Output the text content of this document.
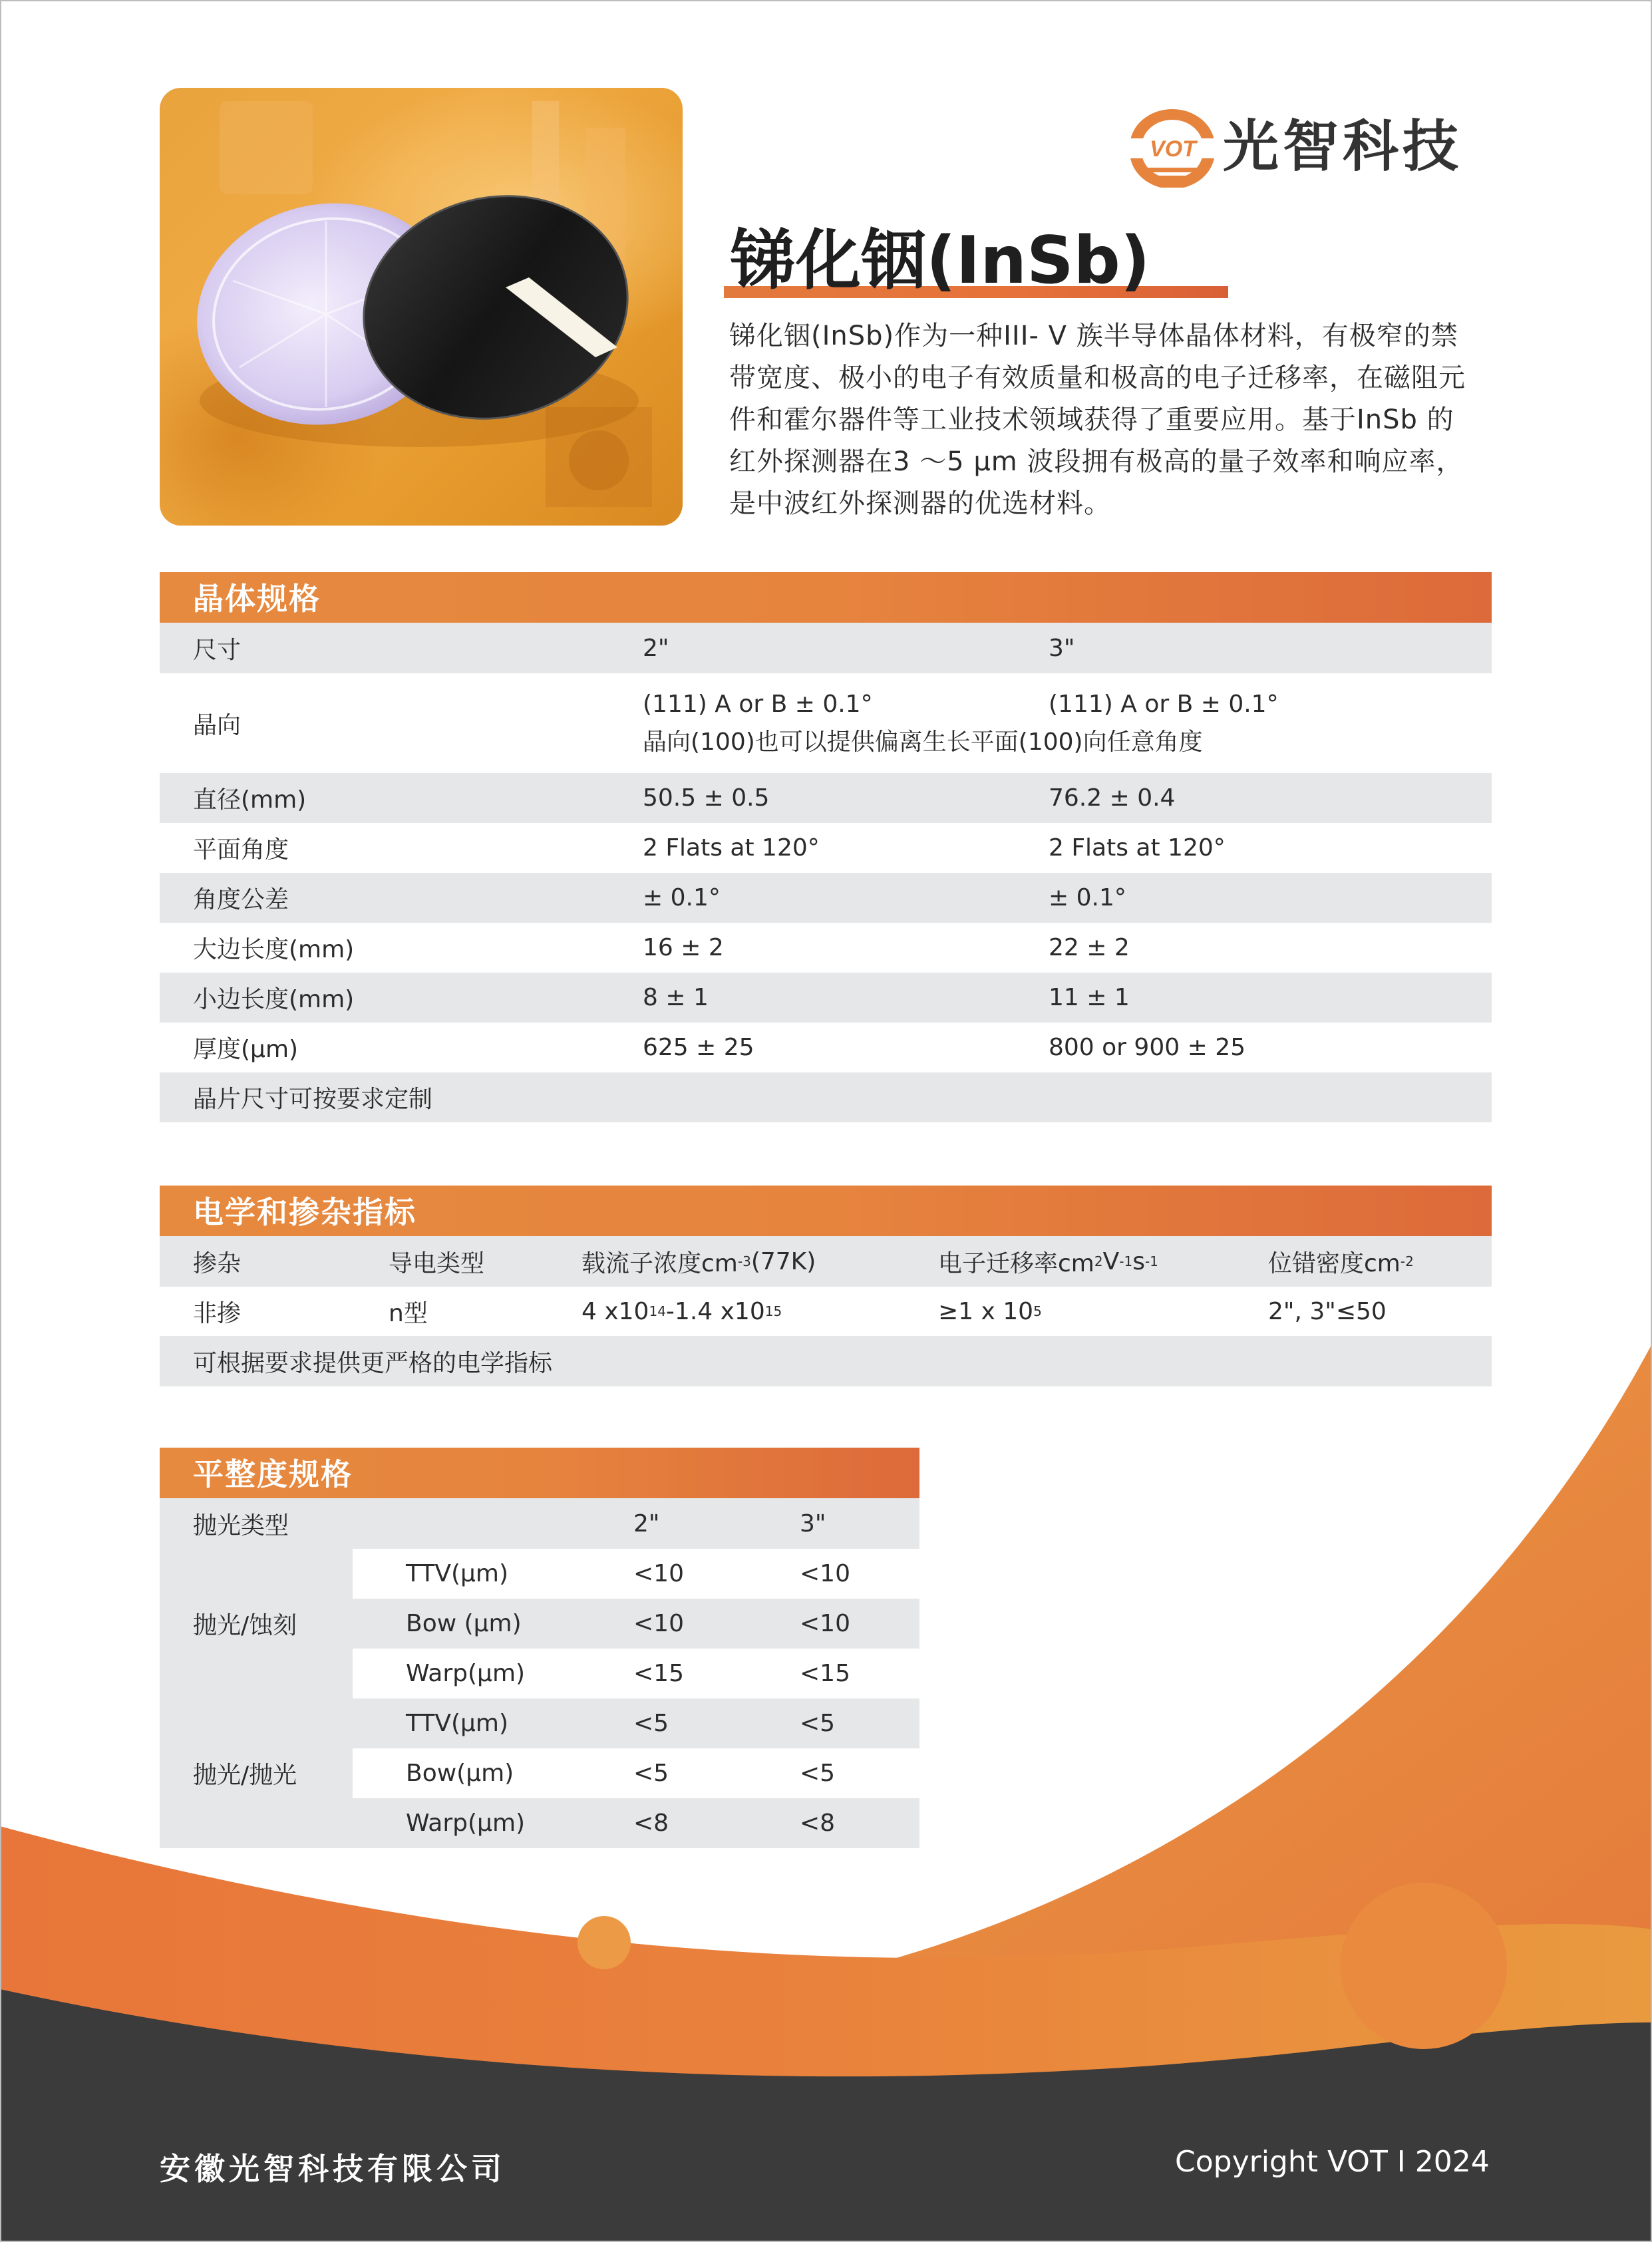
VOT 光智科技
锑化铟(InSb)
锑化铟(InSb)作为一种III- V 族半导体晶体材料，有极窄的禁
带宽度、极小的电子有效质量和极高的电子迁移率，在磁阻元
件和霍尔器件等工业技术领域获得了重要应用。基于InSb 的
红外探测器在3 ～5 μm 波段拥有极高的量子效率和响应率，
是中波红外探测器的优选材料。
晶体规格
尺寸	2"	3"
晶向
(111) A or B ± 0.1°	(111) A or B ± 0.1°
晶向(100)也可以提供偏离生长平面(100)向任意角度
直径(mm)	50.5 ± 0.5	76.2 ± 0.4
平面角度	2 Flats at 120°	2 Flats at 120°
角度公差	± 0.1°	± 0.1°
大边长度(mm)	16 ± 2	22 ± 2
小边长度(mm)	8 ± 1	11 ± 1
厚度(μm)	625 ± 25	800 or 900 ± 25
晶片尺寸可按要求定制
电学和掺杂指标
掺杂	导电类型	载流子浓度cm -3 (77K)	电子迁移率cm 2 V -1 s -1	位错密度cm -2
非掺	n型	4 x10 14 -1.4 x10 15	≥1 x 10 5	2", 3"≤50
可根据要求提供更严格的电学指标
平整度规格
抛光类型	2"	3"
抛光/蚀刻
TTV(μm)	<10	<10
Bow (μm)	<10	<10
Warp(μm)	<15	<15
抛光/抛光
TTV(μm)	<5	<5
Bow(μm)	<5	<5
Warp(μm)	<8	<8
安徽光智科技有限公司	Copyright VOT I 2024
